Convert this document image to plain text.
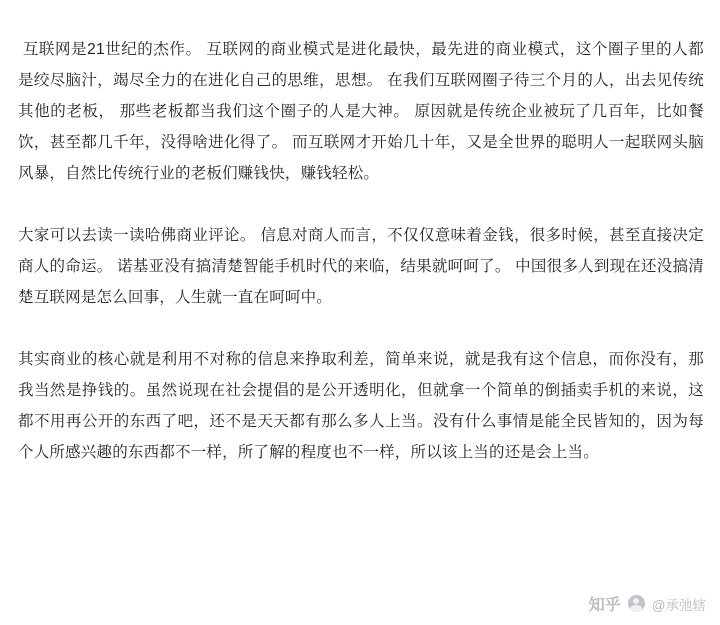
互联网是21世纪的杰作。 互联网的商业模式是进化最快，最先进的商业模式，这个圈子里的人都是绞尽脑汁，竭尽全力的在进化自己的思维，思想。 在我们互联网圈子待三个月的人，出去见传统其他的老板， 那些老板都当我们这个圈子的人是大神。 原因就是传统企业被玩了几百年，比如餐饮，甚至都几千年，没得啥进化得了。 而互联网才开始几十年，又是全世界的聪明人一起联网头脑风暴，自然比传统行业的老板们赚钱快，赚钱轻松。

大家可以去读一读哈佛商业评论。 信息对商人而言，不仅仅意味着金钱，很多时候，甚至直接决定商人的命运。 诺基亚没有搞清楚智能手机时代的来临，结果就呵呵了。 中国很多人到现在还没搞清楚互联网是怎么回事，人生就一直在呵呵中。

其实商业的核心就是利用不对称的信息来挣取利差，简单来说，就是我有这个信息，而你没有，那我当然是挣钱的。虽然说现在社会提倡的是公开透明化，但就拿一个简单的倒插卖手机的来说，这都不用再公开的东西了吧，还不是天天都有那么多人上当。没有什么事情是能全民皆知的，因为每个人所感兴趣的东西都不一样，所了解的程度也不一样，所以该上当的还是会上当。

知乎 @承弛辖
